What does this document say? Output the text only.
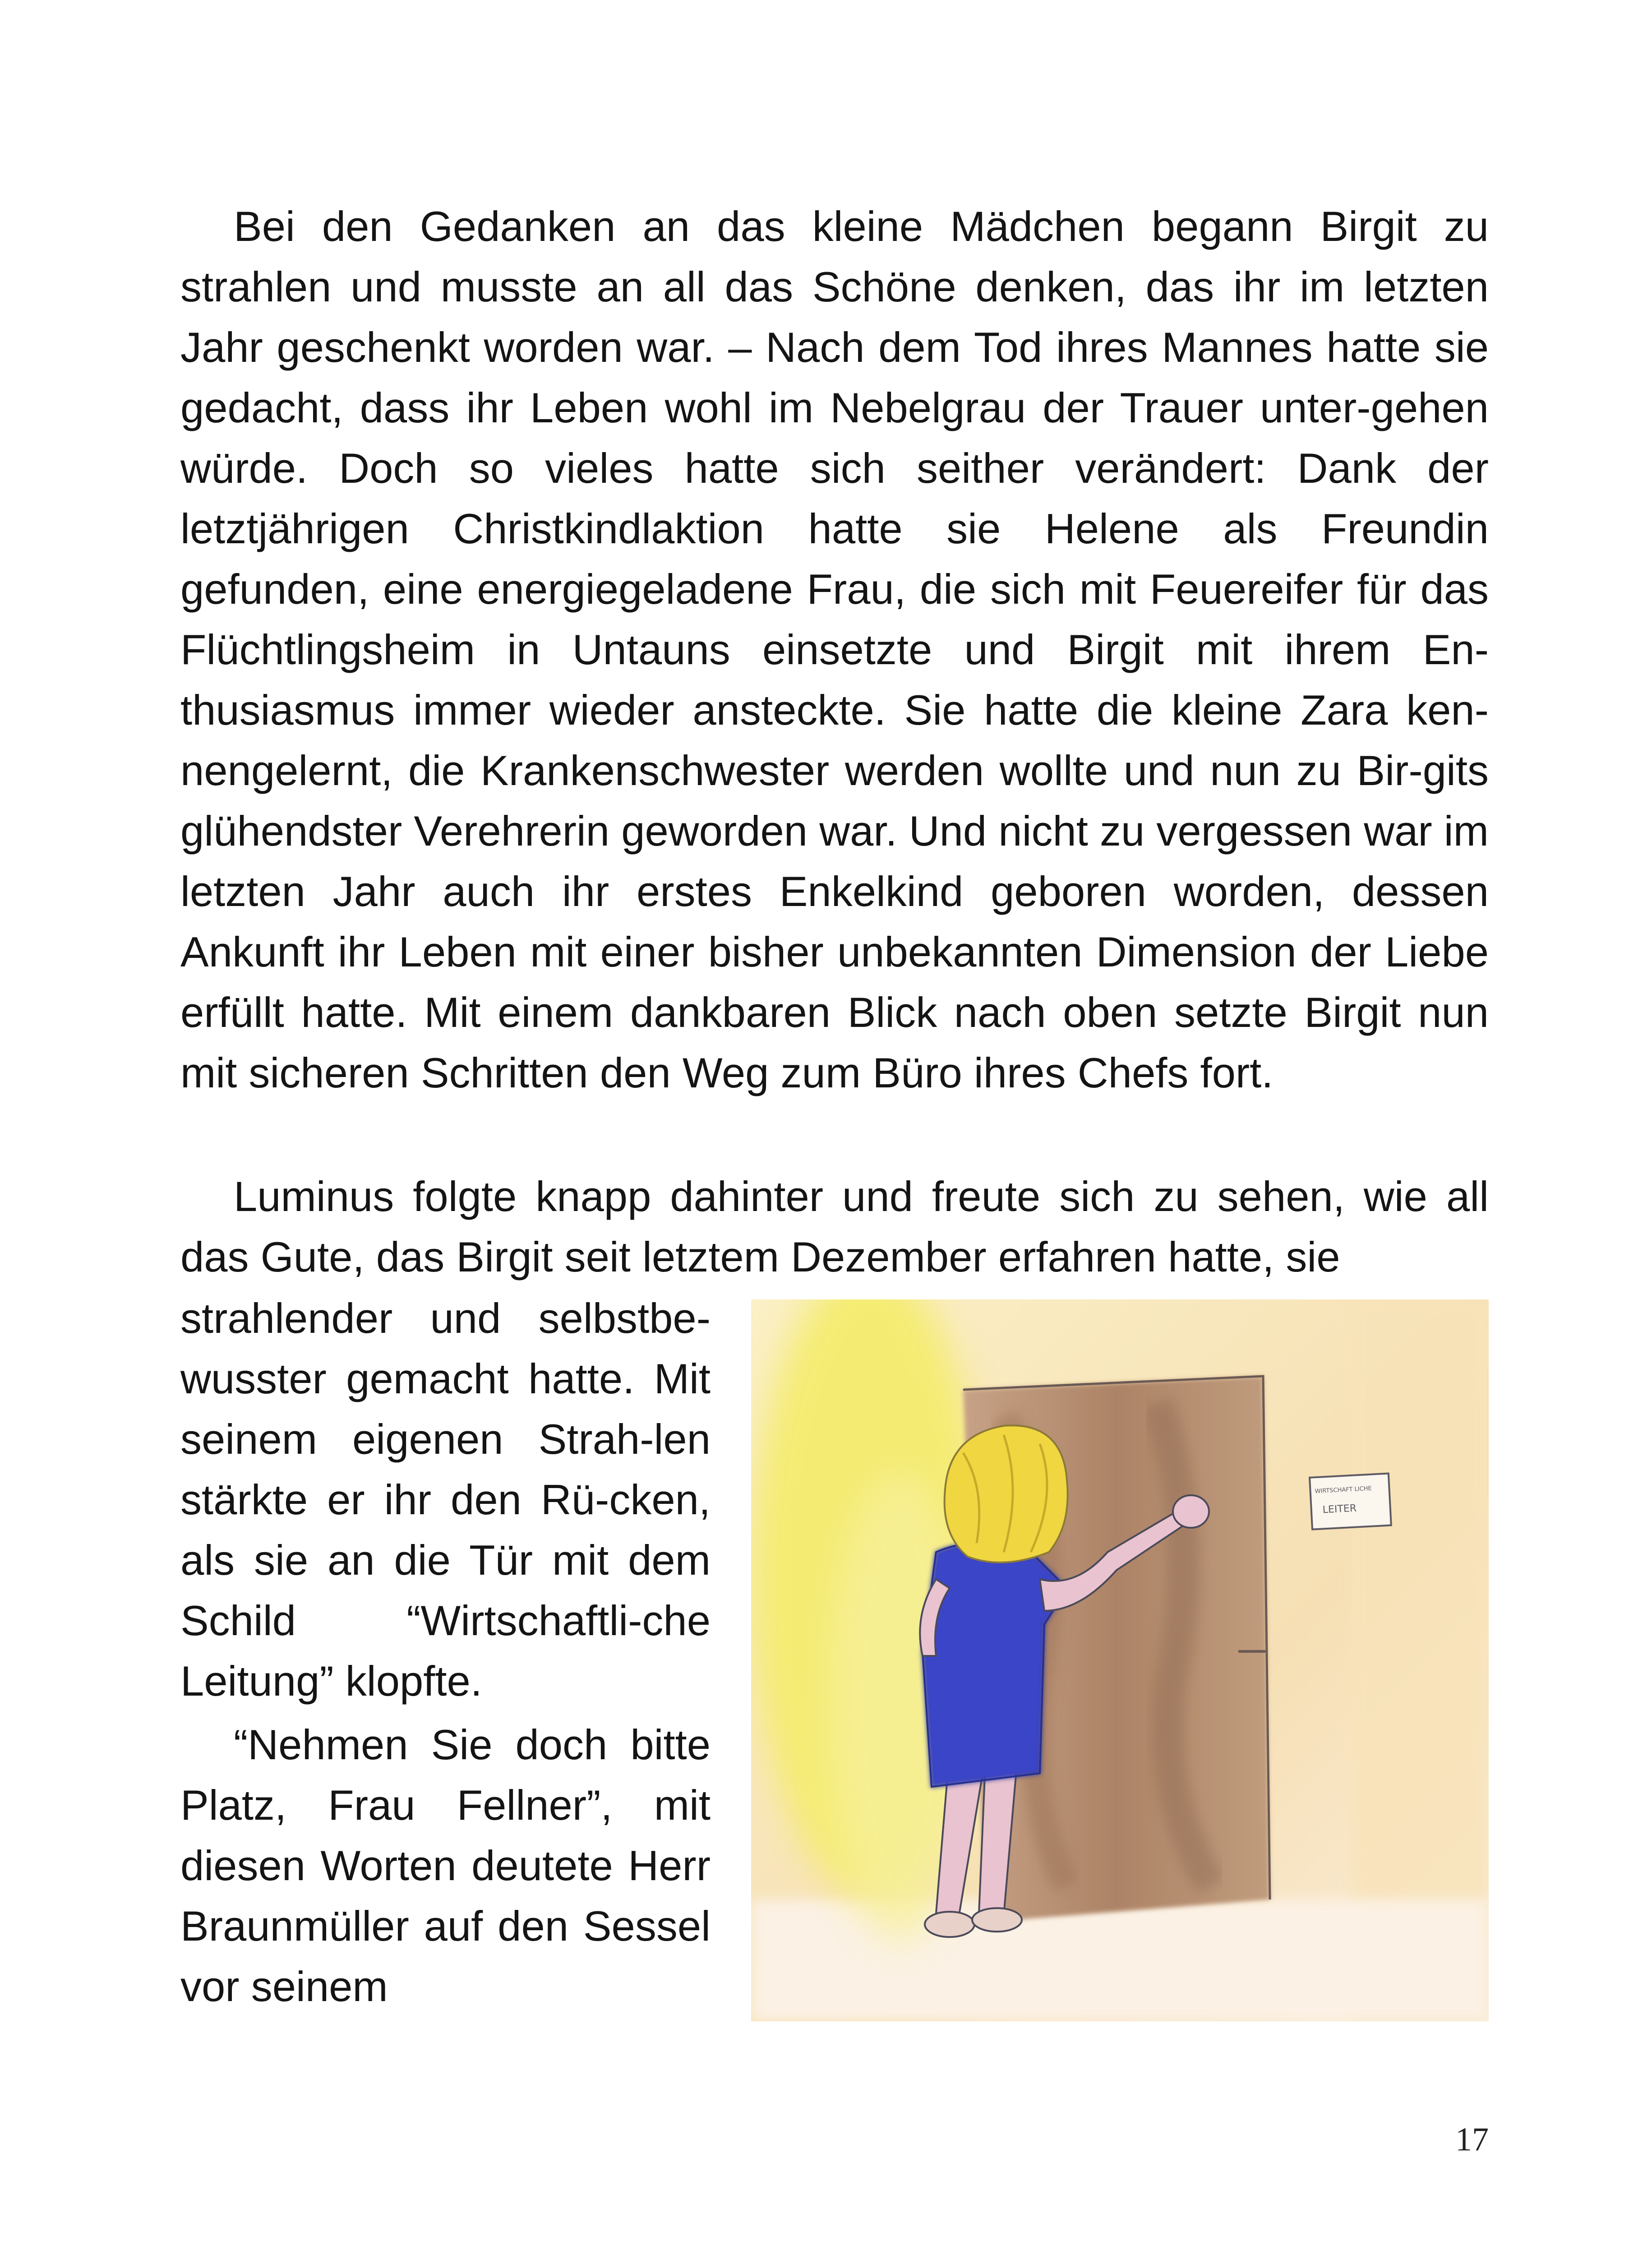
Bei den Gedanken an das kleine Mädchen begann Birgit zu strahlen und musste an all das Schöne denken, das ihr im letzten Jahr geschenkt worden war. – Nach dem Tod ihres Mannes hatte sie gedacht, dass ihr Leben wohl im Nebelgrau der Trauer unter-gehen würde. Doch so vieles hatte sich seither verändert: Dank der letztjährigen Christkindlaktion hatte sie Helene als Freundin gefunden, eine energiegeladene Frau, die sich mit Feuereifer für das Flüchtlingsheim in Untauns einsetzte und Birgit mit ihrem En-thusiasmus immer wieder ansteckte. Sie hatte die kleine Zara ken-nengelernt, die Krankenschwester werden wollte und nun zu Bir-gits glühendster Verehrerin geworden war. Und nicht zu vergessen war im letzten Jahr auch ihr erstes Enkelkind geboren worden, dessen Ankunft ihr Leben mit einer bisher unbekannten Dimension der Liebe erfüllt hatte. Mit einem dankbaren Blick nach oben setzte Birgit nun mit sicheren Schritten den Weg zum Büro ihres Chefs fort.

Luminus folgte knapp dahinter und freute sich zu sehen, wie all das Gute, das Birgit seit letztem Dezember erfahren hatte, sie

strahlender und selbstbe-wusster gemacht hatte. Mit seinem eigenen Strah-len stärkte er ihr den Rü-cken, als sie an die Tür mit dem Schild “Wirtschaftli-che Leitung” klopfte.

“Nehmen Sie doch bitte Platz, Frau Fellner”, mit diesen Worten deutete Herr Braunmüller auf den Sessel vor seinem

WIRTSCHAFT LICHE
LEITER
17
